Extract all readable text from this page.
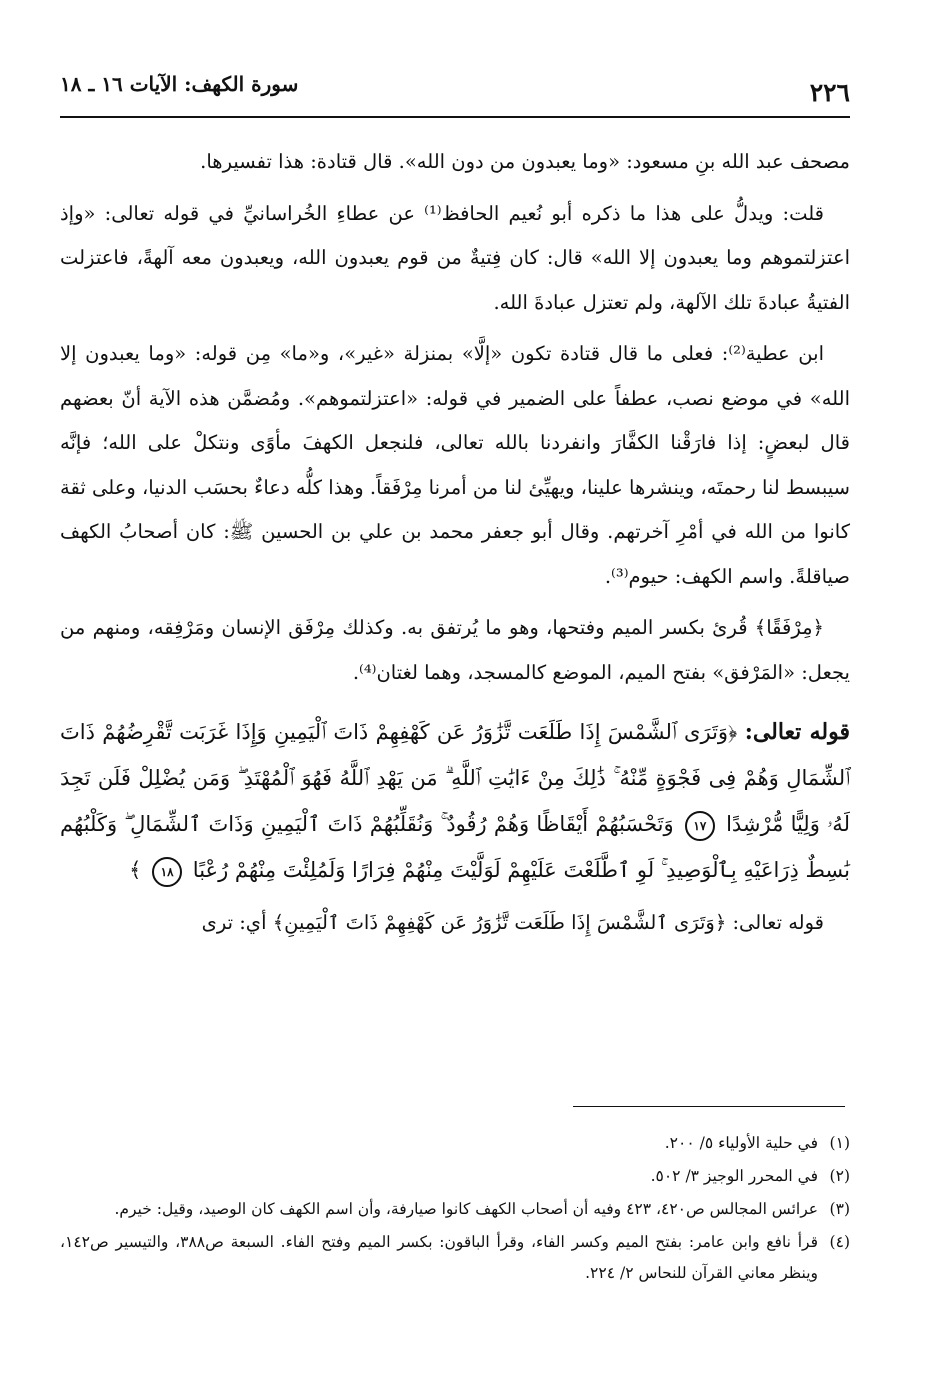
٢٢٦
سورة الكهف: الآيات ١٦ ـ ١٨

مصحف عبد الله بنِ مسعود: «وما يعبدون من دون الله». قال قتادة: هذا تفسيرها.

قلت: ويدلُّ على هذا ما ذكره أبو نُعيم الحافظ⁽¹⁾ عن عطاءِ الخُراسانيِّ في قوله تعالى: «وإذ اعتزلتموهم وما يعبدون إلا الله» قال: كان فِتيةٌ من قوم يعبدون الله، ويعبدون معه آلهةً، فاعتزلت الفتيةُ عبادةَ تلك الآلهة، ولم تعتزل عبادةَ الله.

ابن عطية⁽²⁾: فعلى ما قال قتادة تكون «إلَّا» بمنزلة «غير»، و«ما» مِن قوله: «وما يعبدون إلا الله» في موضع نصب، عطفاً على الضمير في قوله: «اعتزلتموهم». ومُضمَّن هذه الآية أنّ بعضهم قال لبعضٍ: إذا فارَقْنا الكفَّارَ وانفردنا بالله تعالى، فلنجعل الكهفَ مأوًى ونتكلْ على الله؛ فإنَّه سيبسط لنا رحمتَه، وينشرها علينا، ويهيِّئ لنا من أمرنا مِرْفَقاً. وهذا كلُّه دعاءٌ بحسَب الدنيا، وعلى ثقة كانوا من الله في أمْرِ آخرتهم. وقال أبو جعفر محمد بن علي بن الحسين ﷺ: كان أصحابُ الكهف صياقلةً. واسم الكهف: حيوم⁽³⁾.

﴿مِرْفَقًا﴾ قُرئ بكسر الميم وفتحها، وهو ما يُرتفق به. وكذلك مِرْفَق الإنسان ومَرْفِقه، ومنهم من يجعل: «المَرْفق» بفتح الميم، الموضع كالمسجد، وهما لغتان⁽⁴⁾.

قوله تعالى: ﴿وَتَرَى ٱلشَّمْسَ إِذَا طَلَعَت تَّزَٰوَرُ عَن كَهْفِهِمْ ذَاتَ ٱلْيَمِينِ وَإِذَا غَرَبَت تَّقْرِضُهُمْ ذَاتَ ٱلشِّمَالِ وَهُمْ فِى فَجْوَةٍ مِّنْهُ ۚ ذَٰلِكَ مِنْ ءَايَٰتِ ٱللَّهِ ۗ مَن يَهْدِ ٱللَّهُ فَهُوَ ٱلْمُهْتَدِ ۖ وَمَن يُضْلِلْ فَلَن تَجِدَ لَهُۥ وَلِيًّا مُّرْشِدًا ١٧ وَتَحْسَبُهُمْ أَيْقَاظًا وَهُمْ رُقُودٌ ۚ وَنُقَلِّبُهُمْ ذَاتَ ٱلْيَمِينِ وَذَاتَ ٱلشِّمَالِ ۖ وَكَلْبُهُم بَٰسِطٌ ذِرَاعَيْهِ بِٱلْوَصِيدِ ۚ لَوِ ٱطَّلَعْتَ عَلَيْهِمْ لَوَلَّيْتَ مِنْهُمْ فِرَارًا وَلَمُلِئْتَ مِنْهُمْ رُعْبًا ١٨ ﴾

قوله تعالى: ﴿وَتَرَى ٱلشَّمْسَ إِذَا طَلَعَت تَّزَٰوَرُ عَن كَهْفِهِمْ ذَاتَ ٱلْيَمِينِ﴾ أي: ترى

(١)في حلية الأولياء ٥/ ٢٠٠.
(٢)في المحرر الوجيز ٣/ ٥٠٢.
(٣)عرائس المجالس ص٤٢٠، ٤٢٣ وفيه أن أصحاب الكهف كانوا صيارفة، وأن اسم الكهف كان الوصيد، وقيل: خيرم.
(٤)قرأ نافع وابن عامر: بفتح الميم وكسر الفاء، وقرأ الباقون: بكسر الميم وفتح الفاء. السبعة ص٣٨٨، والتيسير ص١٤٢، وينظر معاني القرآن للنحاس ٢/ ٢٢٤.
